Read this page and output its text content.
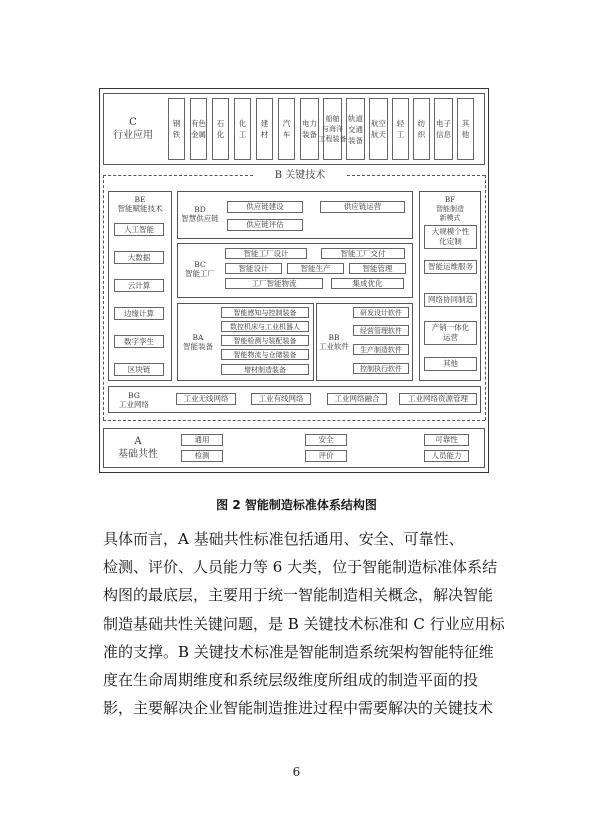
C
行业应用
钢
铁
有色
金属
石
化
化
工
建
材
汽
车
电力
装备
船舶
与海洋
工程装备
轨道
交通
装备
航空
航天
轻
工
纺
织
电子
信息
其
他
B 关键技术
BE
智能赋能技术
人工智能
大数据
云计算
边缘计算
数字孪生
区块链
BD
智慧供应链
供应链建设	供应链运营
供应链评估
BC
智能工厂
智能工厂设计	智能工厂交付
智能设计	智能生产	智能管理
工厂智能物流	集成优化
BA
智能装备
智能感知与控制装备
数控机床与工业机器人
智能检测与装配装备
智能物流与仓储装备
增材制造装备
BB
工业软件
研发设计软件
经营管理软件
生产制造软件
控制执行软件
BF
智能制造
新模式
大规模个性
化定制
智能运维服务
网络协同制造
产销一体化
运营
其他
BG
工业网络
工业无线网络	工业有线网络	工业网络融合	工业网络资源管理
A
基础共性
通用	安全	可靠性
检测	评价	人员能力
图 2 智能制造标准体系结构图

具体而言，A 基础共性标准包括通用、安全、可靠性、

检测、评价、人员能力等 6 大类，位于智能制造标准体系结

构图的最底层，主要用于统一智能制造相关概念，解决智能

制造基础共性关键问题，是 B 关键技术标准和 C 行业应用标

准的支撑。B 关键技术标准是智能制造系统架构智能特征维

度在生命周期维度和系统层级维度所组成的制造平面的投

影，主要解决企业智能制造推进过程中需要解决的关键技术

6
